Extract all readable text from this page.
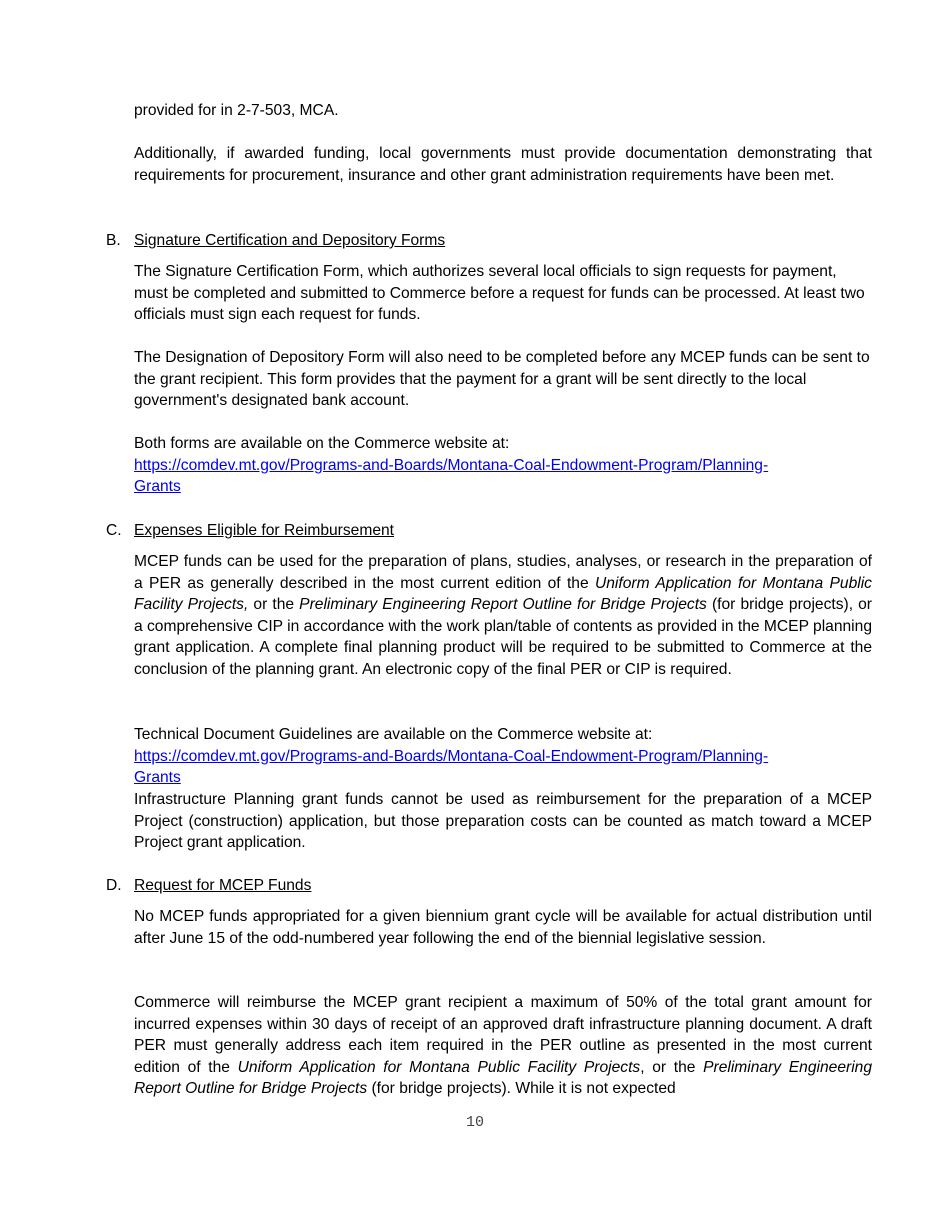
provided for in 2-7-503, MCA.
Additionally, if awarded funding, local governments must provide documentation demonstrating that requirements for procurement, insurance and other grant administration requirements have been met.
B. Signature Certification and Depository Forms
The Signature Certification Form, which authorizes several local officials to sign requests for payment, must be completed and submitted to Commerce before a request for funds can be processed. At least two officials must sign each request for funds.
The Designation of Depository Form will also need to be completed before any MCEP funds can be sent to the grant recipient. This form provides that the payment for a grant will be sent directly to the local government's designated bank account.
Both forms are available on the Commerce website at:
https://comdev.mt.gov/Programs-and-Boards/Montana-Coal-Endowment-Program/Planning-
Grants
C. Expenses Eligible for Reimbursement
MCEP funds can be used for the preparation of plans, studies, analyses, or research in the preparation of a PER as generally described in the most current edition of the Uniform Application for Montana Public Facility Projects, or the Preliminary Engineering Report Outline for Bridge Projects (for bridge projects), or a comprehensive CIP in accordance with the work plan/table of contents as provided in the MCEP planning grant application. A complete final planning product will be required to be submitted to Commerce at the conclusion of the planning grant. An electronic copy of the final PER or CIP is required.
Technical Document Guidelines are available on the Commerce website at:
https://comdev.mt.gov/Programs-and-Boards/Montana-Coal-Endowment-Program/Planning-
Grants
Infrastructure Planning grant funds cannot be used as reimbursement for the preparation of a MCEP Project (construction) application, but those preparation costs can be counted as match toward a MCEP Project grant application.
D. Request for MCEP Funds
No MCEP funds appropriated for a given biennium grant cycle will be available for actual distribution until after June 15 of the odd-numbered year following the end of the biennial legislative session.
Commerce will reimburse the MCEP grant recipient a maximum of 50% of the total grant amount for incurred expenses within 30 days of receipt of an approved draft infrastructure planning document. A draft PER must generally address each item required in the PER outline as presented in the most current edition of the Uniform Application for Montana Public Facility Projects, or the Preliminary Engineering Report Outline for Bridge Projects (for bridge projects). While it is not expected
10
